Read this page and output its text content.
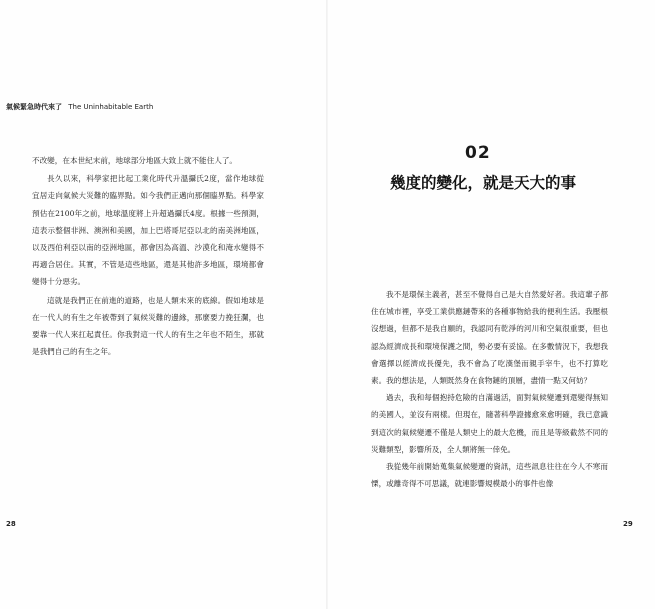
氣候緊急時代來了 The Uninhabitable Earth

不改變，在本世紀末前，地球部分地區大致上就不能住人了。

長久以來，科學家把比起工業化時代升溫攝氏2度，當作地球從宜居走向氣候大災難的臨界點。如今我們正邁向那個臨界點。科學家預估在2100年之前，地球溫度將上升超過攝氏4度。根據一些預測，這表示整個非洲、澳洲和美國，加上巴塔哥尼亞以北的南美洲地區，以及西伯利亞以南的亞洲地區，都會因為高溫、沙漠化和淹水變得不再適合居住。其實，不管是這些地區，還是其他許多地區，環境都會變得十分惡劣。

這就是我們正在前進的道路，也是人類未來的底線。假如地球是在一代人的有生之年被帶到了氣候災難的邊緣，那麼要力挽狂瀾，也要靠一代人來扛起責任。你我對這一代人的有生之年也不陌生，那就是我們自己的有生之年。

02
幾度的變化，就是天大的事

我不是環保主義者，甚至不覺得自己是大自然愛好者。我這輩子都住在城市裡，享受工業供應鏈帶來的各種事物給我的便利生活。我壓根沒想過，但都不是我自願的，我認同有乾淨的河川和空氣很重要，但也認為經濟成長和環境保護之間，勢必要有妥協。在多數情況下，我想我會選擇以經濟成長優先，我不會為了吃漢堡而親手宰牛，也不打算吃素。我的想法是，人類既然身在食物鏈的頂層，盡情一點又何妨？

過去，我和每個抱持危險的自滿過活，面對氣候變遷到還變得無知的美國人，並沒有兩樣。但現在，隨著科學證據愈來愈明確，我已意識到這次的氣候變遷不僅是人類史上的最大危機，而且是等級截然不同的災難類型，影響所及，全人類將無一倖免。

我從幾年前開始蒐集氣候變遷的資訊，這些訊息往往在今人不寒而慄，或離奇得不可思議，就連影響規模最小的事件也像

28	29
